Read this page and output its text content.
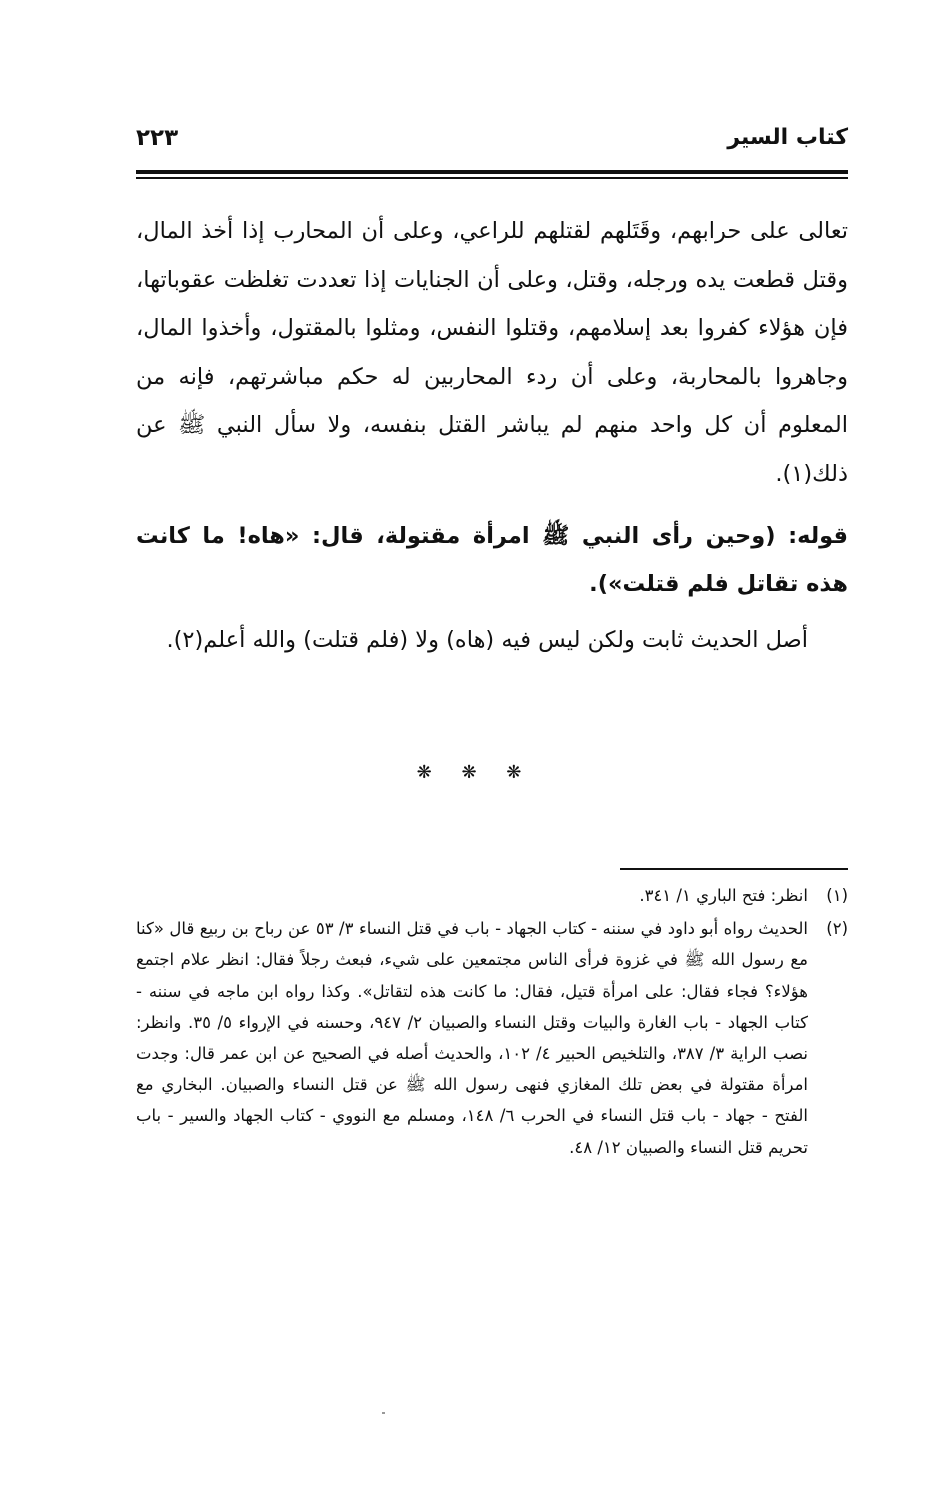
كتاب السير
٢٢٣

تعالى على حرابهم، وقَتَلهم لقتلهم للراعي، وعلى أن المحارب إذا أخذ المال، وقتل قطعت يده ورجله، وقتل، وعلى أن الجنايات إذا تعددت تغلظت عقوباتها، فإن هؤلاء كفروا بعد إسلامهم، وقتلوا النفس، ومثلوا بالمقتول، وأخذوا المال، وجاهروا بالمحاربة، وعلى أن ردء المحاربين له حكم مباشرتهم، فإنه من المعلوم أن كل واحد منهم لم يباشر القتل بنفسه، ولا سأل النبي ﷺ عن ذلك(١).

قوله: (وحين رأى النبي ﷺ امرأة مقتولة، قال: «هاه! ما كانت هذه تقاتل فلم قتلت»).

أصل الحديث ثابت ولكن ليس فيه (هاه) ولا (فلم قتلت) والله أعلم(٢).

❋ ❋ ❋
(١)
انظر: فتح الباري ١/ ٣٤١.
(٢)
الحديث رواه أبو داود في سننه - كتاب الجهاد - باب في قتل النساء ٣/ ٥٣ عن رباح بن ربيع قال «كنا مع رسول الله ﷺ في غزوة فرأى الناس مجتمعين على شيء، فبعث رجلاً فقال: انظر علام اجتمع هؤلاء؟ فجاء فقال: على امرأة قتيل، فقال: ما كانت هذه لتقاتل». وكذا رواه ابن ماجه في سننه - كتاب الجهاد - باب الغارة والبيات وقتل النساء والصبيان ٢/ ٩٤٧، وحسنه في الإرواء ٥/ ٣٥. وانظر: نصب الراية ٣/ ٣٨٧، والتلخيص الحبير ٤/ ١٠٢، والحديث أصله في الصحيح عن ابن عمر قال: وجدت امرأة مقتولة في بعض تلك المغازي فنهى رسول الله ﷺ عن قتل النساء والصبيان. البخاري مع الفتح - جهاد - باب قتل النساء في الحرب ٦/ ١٤٨، ومسلم مع النووي - كتاب الجهاد والسير - باب تحريم قتل النساء والصبيان ١٢/ ٤٨.
